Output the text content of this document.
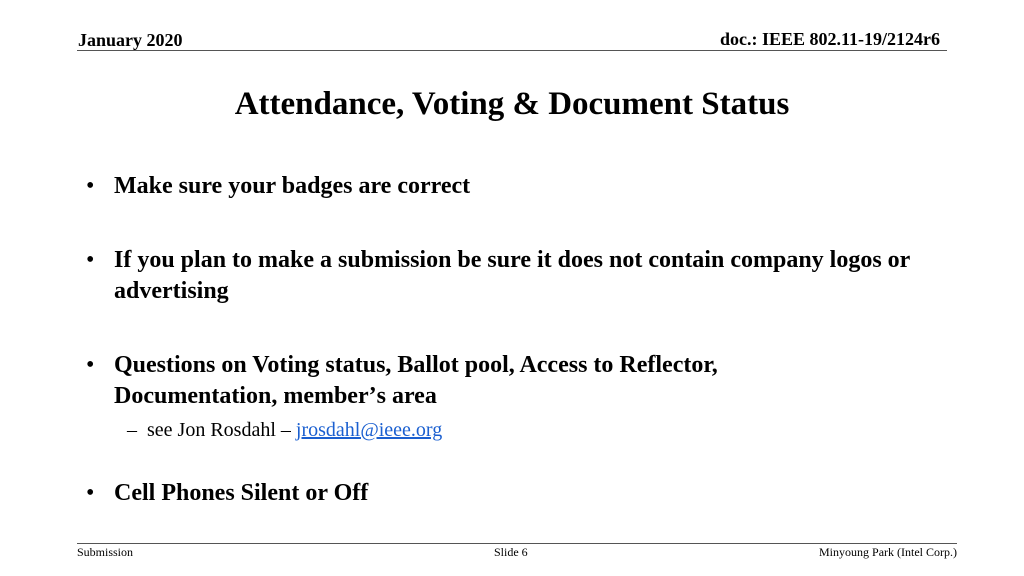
January 2020	doc.: IEEE 802.11-19/2124r6
Attendance, Voting & Document Status
• Make sure your badges are correct
• If you plan to make a submission be sure it does not contain company logos or advertising
• Questions on Voting status, Ballot pool, Access to Reflector, Documentation, memberʼs area
– see Jon Rosdahl – jrosdahl@ieee.org
• Cell Phones Silent or Off
Submission	Slide 6	Minyoung Park (Intel Corp.)
